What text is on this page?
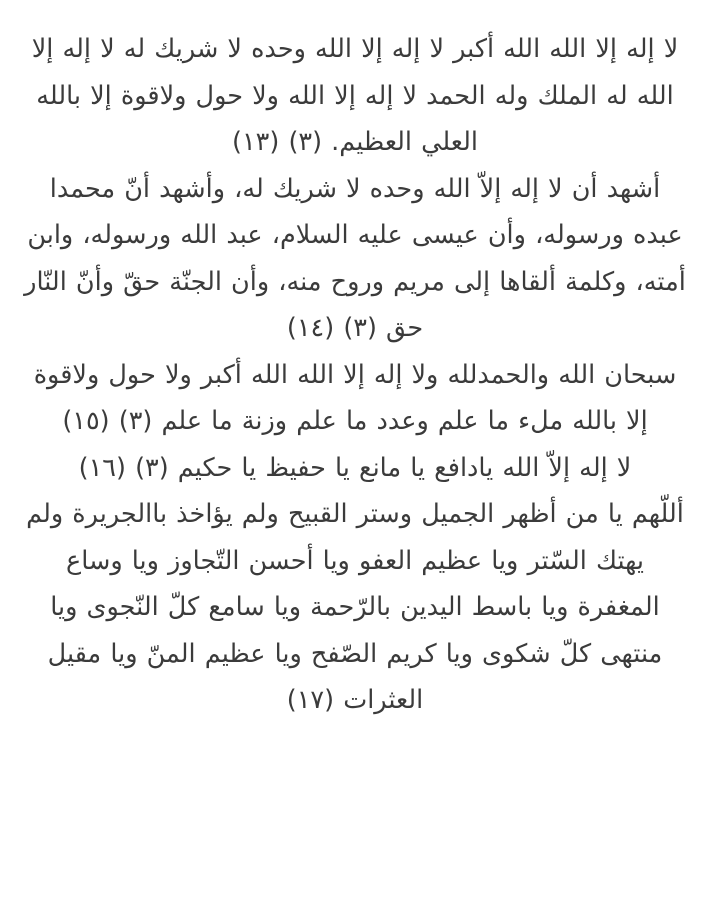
لا إله إلا الله الله أكبر لا إله إلا الله وحده لا شريك له لا إله إلا الله له الملك وله الحمد لا إله إلا الله ولا حول ولاقوة إلا بالله العلي العظيم. (٣) (١٣)

أشهد أن لا إله إلاّ الله وحده لا شريك له، وأشهد أنّ محمدا عبده ورسوله، وأن عيسى عليه السلام، عبد الله ورسوله، وابن أمته، وكلمة ألقاها إلى مريم وروح منه، وأن الجنّة حقّ وأنّ النّار حق (٣) (١٤)

سبحان الله والحمدلله ولا إله إلا الله الله أكبر ولا حول ولاقوة إلا بالله ملء ما علم وعدد ما علم وزنة ما علم (٣) (١٥)

لا إله إلاّ الله يادافع يا مانع يا حفيظ يا حكيم (٣) (١٦)

أللّهم يا من أظهر الجميل وستر القبيح ولم يؤاخذ باالجريرة ولم يهتك السّتر ويا عظيم العفو ويا أحسن التّجاوز ويا وساع المغفرة ويا باسط اليدين بالرّحمة ويا سامع كلّ النّجوى ويا منتهى كلّ شكوى ويا كريم الصّفح ويا عظيم المنّ ويا مقيل العثرات (١٧)
